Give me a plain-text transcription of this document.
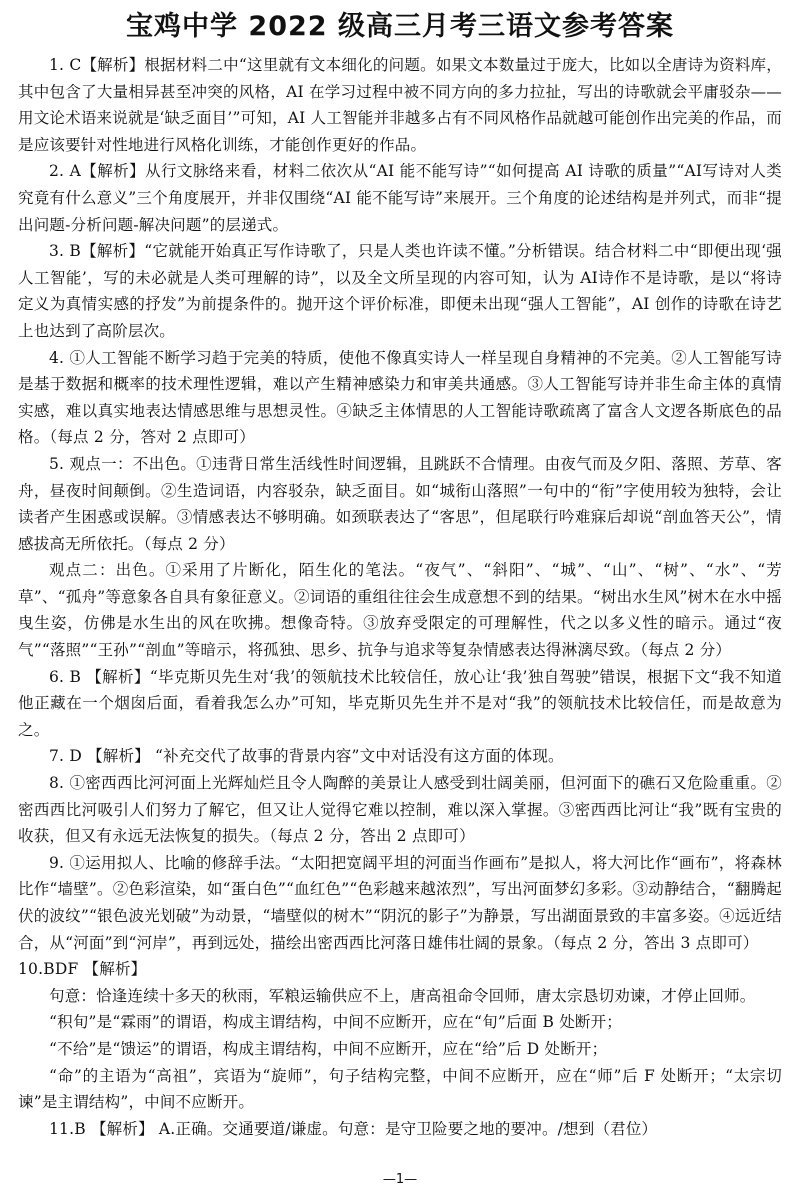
宝鸡中学 2022 级高三月考三语文参考答案

1. C【解析】根据材料二中“这里就有文本细化的问题。如果文本数量过于庞大，比如以全唐诗为资料库，其中包含了大量相异甚至冲突的风格，AI 在学习过程中被不同方向的多力拉扯，写出的诗歌就会平庸驳杂——用文论术语来说就是‘缺乏面目’”可知，AI 人工智能并非越多占有不同风格作品就越可能创作出完美的作品，而是应该要针对性地进行风格化训练，才能创作更好的作品。

2. A【解析】从行文脉络来看，材料二依次从“AI 能不能写诗”“如何提高 AI 诗歌的质量”“AI写诗对人类究竟有什么意义”三个角度展开，并非仅围绕“AI 能不能写诗”来展开。三个角度的论述结构是并列式，而非“提出问题-分析问题-解决问题”的层递式。

3. B【解析】“它就能开始真正写作诗歌了，只是人类也许读不懂。”分析错误。结合材料二中“即便出现‘强人工智能’，写的未必就是人类可理解的诗”，以及全文所呈现的内容可知，认为 AI诗作不是诗歌，是以“将诗定义为真情实感的抒发”为前提条件的。抛开这个评价标准，即便未出现“强人工智能”，AI 创作的诗歌在诗艺上也达到了高阶层次。

4. ①人工智能不断学习趋于完美的特质，使他不像真实诗人一样呈现自身精神的不完美。②人工智能写诗是基于数据和概率的技术理性逻辑，难以产生精神感染力和审美共通感。③人工智能写诗并非生命主体的真情实感，难以真实地表达情感思维与思想灵性。④缺乏主体情思的人工智能诗歌疏离了富含人文逻各斯底色的品格。（每点 2 分，答对 2 点即可）

5. 观点一：不出色。①违背日常生活线性时间逻辑，且跳跃不合情理。由夜气而及夕阳、落照、芳草、客舟，昼夜时间颠倒。②生造词语，内容驳杂，缺乏面目。如“城衔山落照”一句中的“衔”字使用较为独特，会让读者产生困惑或误解。③情感表达不够明确。如颈联表达了“客思”，但尾联行吟难寐后却说“剖血答天公”，情感拔高无所依托。（每点 2 分）

观点二：出色。①采用了片断化，陌生化的笔法。“夜气”、“斜阳”、“城”、“山”、“树”、“水”、“芳草”、“孤舟”等意象各自具有象征意义。②词语的重组往往会生成意想不到的结果。“树出水生风”树木在水中摇曳生姿，仿佛是水生出的风在吹拂。想像奇特。③放弃受限定的可理解性，代之以多义性的暗示。通过“夜气”“落照”“王孙”“剖血”等暗示，将孤独、思乡、抗争与追求等复杂情感表达得淋漓尽致。（每点 2 分）

6. B 【解析】“毕克斯贝先生对‘我’的领航技术比较信任，放心让‘我’独自驾驶”错误，根据下文“我不知道他正藏在一个烟囱后面，看着我怎么办”可知，毕克斯贝先生并不是对“我”的领航技术比较信任，而是故意为之。

7. D 【解析】 “补充交代了故事的背景内容”文中对话没有这方面的体现。

8. ①密西西比河河面上光辉灿烂且令人陶醉的美景让人感受到壮阔美丽，但河面下的礁石又危险重重。②密西西比河吸引人们努力了解它，但又让人觉得它难以控制，难以深入掌握。③密西西比河让“我”既有宝贵的收获，但又有永远无法恢复的损失。（每点 2 分，答出 2 点即可）

9. ①运用拟人、比喻的修辞手法。“太阳把宽阔平坦的河面当作画布”是拟人，将大河比作“画布”，将森林比作“墙壁”。②色彩渲染，如“蛋白色”“血红色”“色彩越来越浓烈”，写出河面梦幻多彩。③动静结合，“翻腾起伏的波纹”“银色波光划破”为动景，“墙壁似的树木”“阴沉的影子”为静景，写出湖面景致的丰富多姿。④远近结合，从“河面”到“河岸”，再到远处，描绘出密西西比河落日雄伟壮阔的景象。（每点 2 分，答出 3 点即可）

10.BDF 【解析】

句意：恰逢连续十多天的秋雨，军粮运输供应不上，唐高祖命令回师，唐太宗恳切劝谏，才停止回师。

“积旬”是“霖雨”的谓语，构成主谓结构，中间不应断开，应在“旬”后面 B 处断开；

“不给”是“馈运”的谓语，构成主谓结构，中间不应断开，应在“给”后 D 处断开；

“命”的主语为“高祖”，宾语为“旋师”，句子结构完整，中间不应断开，应在“师”后 F 处断开；“太宗切谏”是主谓结构”，中间不应断开。

11.B 【解析】 A.正确。交通要道/谦虚。句意：是守卫险要之地的要冲。/想到（君位）

—1—
